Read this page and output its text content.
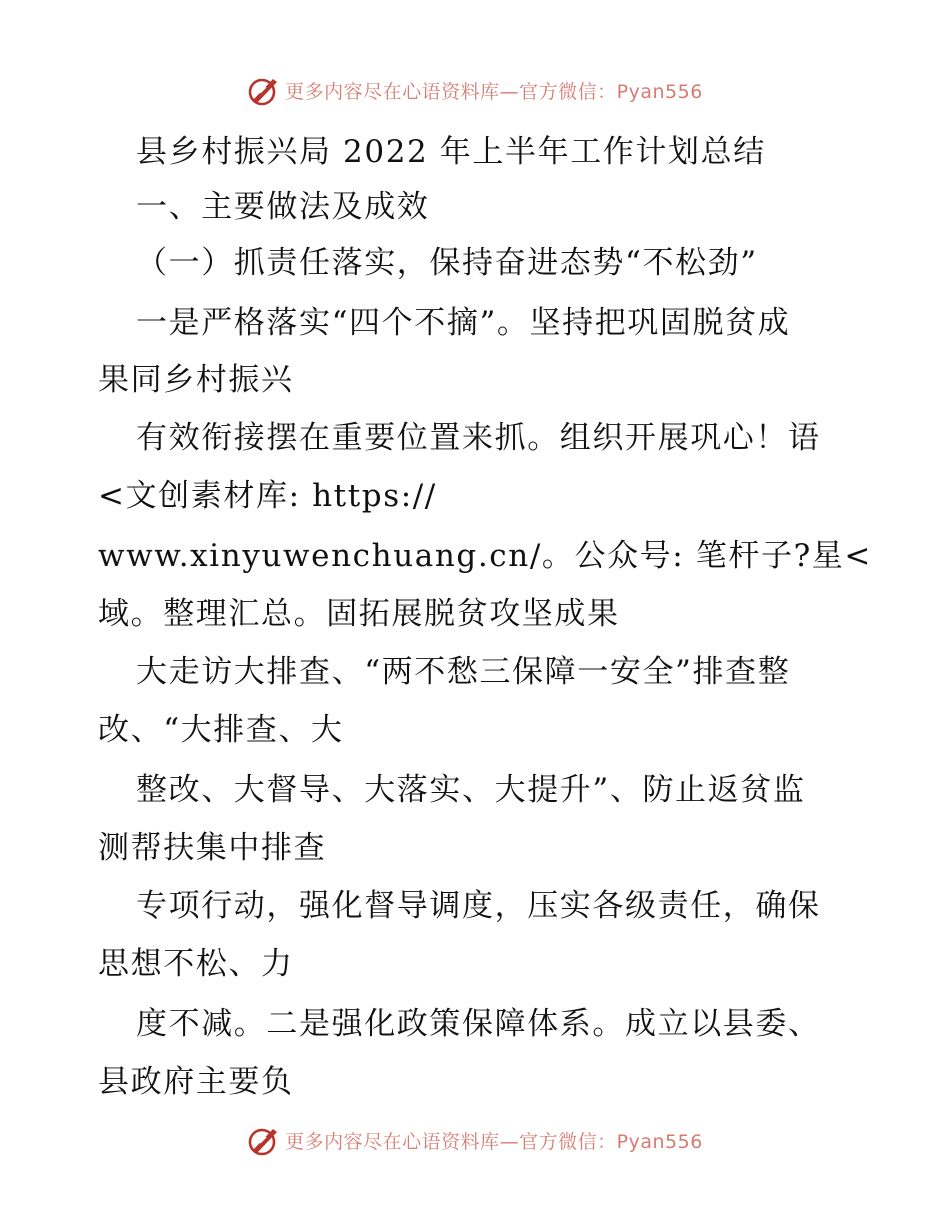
更多内容尽在心语资料库—官方微信：Pyan556
县乡村振兴局 2022 年上半年工作计划总结
一、主要做法及成效
（一）抓责任落实，保持奋进态势“不松劲”
一是严格落实“四个不摘”。坚持把巩固脱贫成
果同乡村振兴
有效衔接摆在重要位置来抓。组织开展巩心！语
<文创素材库: https://
www.xinyuwenchuang.cn/。公众号: 笔杆子?星<
域。整理汇总。固拓展脱贫攻坚成果
大走访大排查、“两不愁三保障一安全”排查整
改、“大排查、大
整改、大督导、大落实、大提升”、防止返贫监
测帮扶集中排查
专项行动，强化督导调度，压实各级责任，确保
思想不松、力
度不减。二是强化政策保障体系。成立以县委、
县政府主要负
更多内容尽在心语资料库—官方微信：Pyan556
